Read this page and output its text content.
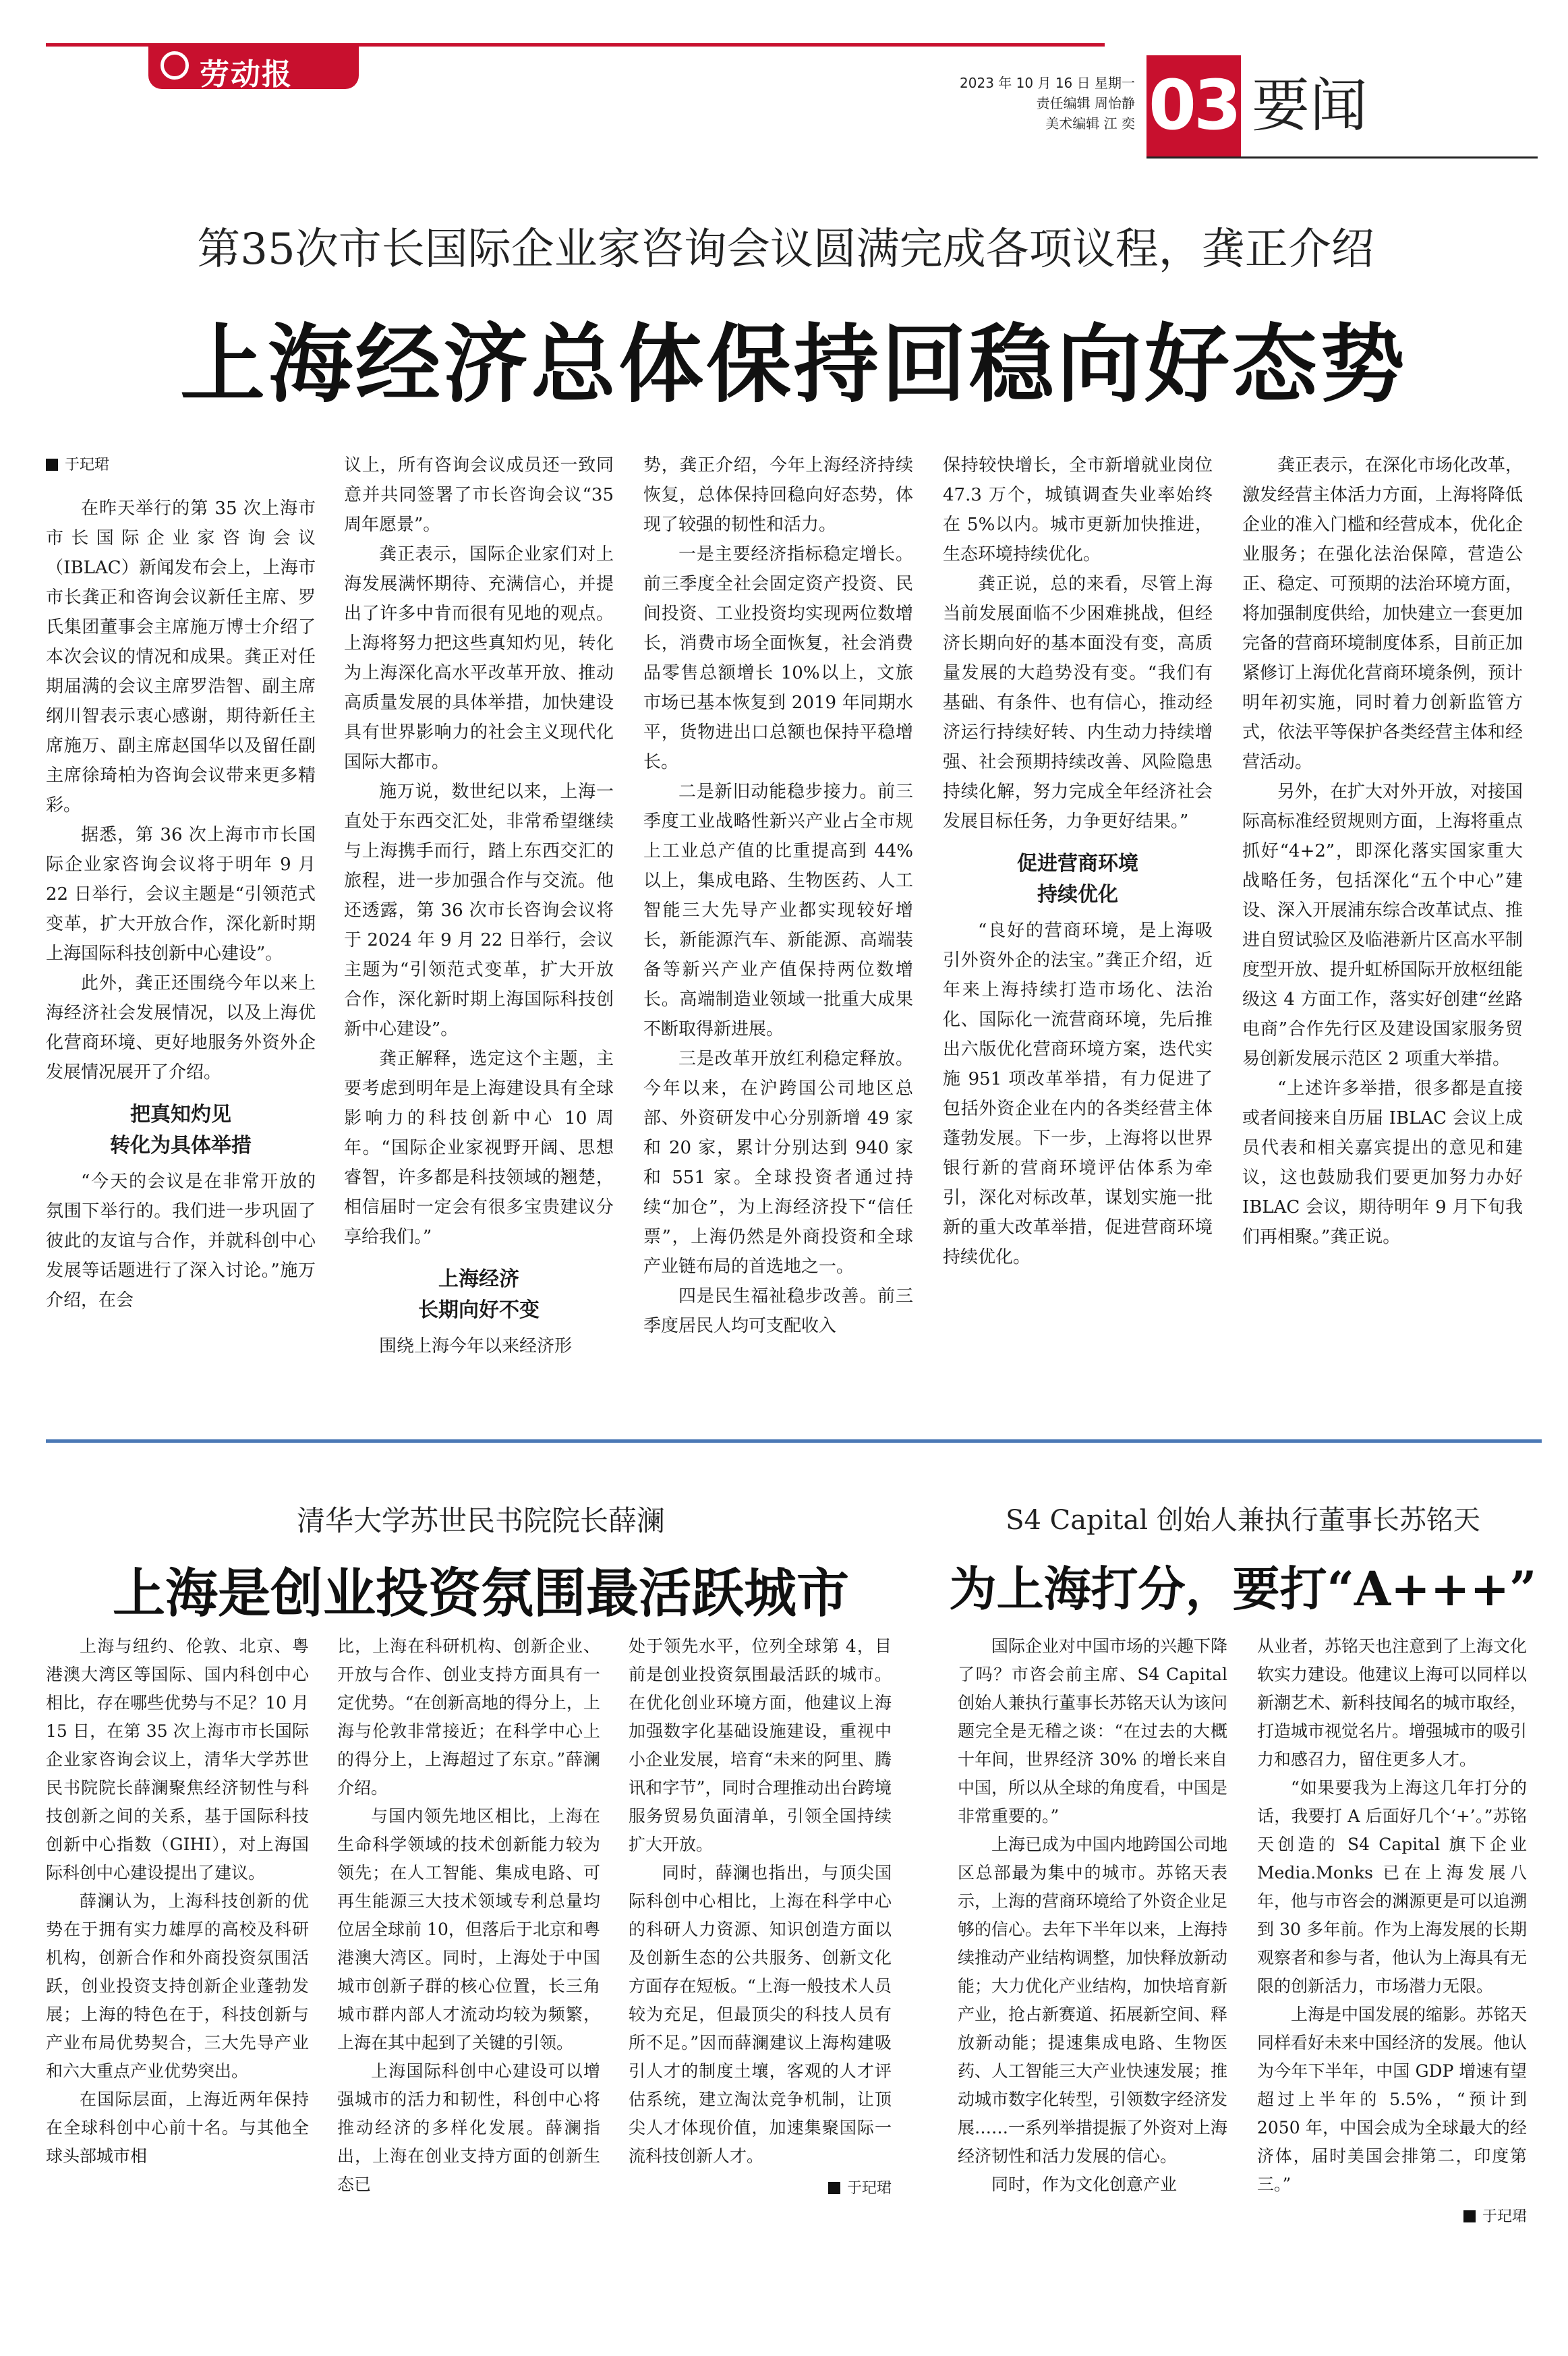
劳动报	2023 年 10 月 16 日 星期一
责任编辑 周怡静
美术编辑 江 奕 03 要闻
第35次市长国际企业家咨询会议圆满完成各项议程，龚正介绍
上海经济总体保持回稳向好态势

于玘珺

在昨天举行的第 35 次上海市市长国际企业家咨询会议（IBLAC）新闻发布会上，上海市市长龚正和咨询会议新任主席、罗氏集团董事会主席施万博士介绍了本次会议的情况和成果。龚正对任期届满的会议主席罗浩智、副主席纲川智表示衷心感谢，期待新任主席施万、副主席赵国华以及留任副主席徐琦柏为咨询会议带来更多精彩。

据悉，第 36 次上海市市长国际企业家咨询会议将于明年 9 月 22 日举行，会议主题是“引领范式变革，扩大开放合作，深化新时期上海国际科技创新中心建设”。

此外，龚正还围绕今年以来上海经济社会发展情况，以及上海优化营商环境、更好地服务外资外企发展情况展开了介绍。

把真知灼见
转化为具体举措

“今天的会议是在非常开放的氛围下举行的。我们进一步巩固了彼此的友谊与合作，并就科创中心发展等话题进行了深入讨论。”施万介绍，在会

议上，所有咨询会议成员还一致同意并共同签署了市长咨询会议“35 周年愿景”。

龚正表示，国际企业家们对上海发展满怀期待、充满信心，并提出了许多中肯而很有见地的观点。上海将努力把这些真知灼见，转化为上海深化高水平改革开放、推动高质量发展的具体举措，加快建设具有世界影响力的社会主义现代化国际大都市。

施万说，数世纪以来，上海一直处于东西交汇处，非常希望继续与上海携手而行，踏上东西交汇的旅程，进一步加强合作与交流。他还透露，第 36 次市长咨询会议将于 2024 年 9 月 22 日举行，会议主题为“引领范式变革，扩大开放合作，深化新时期上海国际科技创新中心建设”。

龚正解释，选定这个主题，主要考虑到明年是上海建设具有全球影响力的科技创新中心 10 周年。“国际企业家视野开阔、思想睿智，许多都是科技领域的翘楚，相信届时一定会有很多宝贵建议分享给我们。”

上海经济
长期向好不变

围绕上海今年以来经济形

势，龚正介绍，今年上海经济持续恢复，总体保持回稳向好态势，体现了较强的韧性和活力。

一是主要经济指标稳定增长。前三季度全社会固定资产投资、民间投资、工业投资均实现两位数增长，消费市场全面恢复，社会消费品零售总额增长 10%以上，文旅市场已基本恢复到 2019 年同期水平，货物进出口总额也保持平稳增长。

二是新旧动能稳步接力。前三季度工业战略性新兴产业占全市规上工业总产值的比重提高到 44%以上，集成电路、生物医药、人工智能三大先导产业都实现较好增长，新能源汽车、新能源、高端装备等新兴产业产值保持两位数增长。高端制造业领域一批重大成果不断取得新进展。

三是改革开放红利稳定释放。今年以来，在沪跨国公司地区总部、外资研发中心分别新增 49 家和 20 家，累计分别达到 940 家和 551 家。全球投资者通过持续“加仓”，为上海经济投下“信任票”，上海仍然是外商投资和全球产业链布局的首选地之一。

四是民生福祉稳步改善。前三季度居民人均可支配收入

保持较快增长，全市新增就业岗位 47.3 万个，城镇调查失业率始终在 5%以内。城市更新加快推进，生态环境持续优化。

龚正说，总的来看，尽管上海当前发展面临不少困难挑战，但经济长期向好的基本面没有变，高质量发展的大趋势没有变。“我们有基础、有条件、也有信心，推动经济运行持续好转、内生动力持续增强、社会预期持续改善、风险隐患持续化解，努力完成全年经济社会发展目标任务，力争更好结果。”

促进营商环境
持续优化

“良好的营商环境，是上海吸引外资外企的法宝。”龚正介绍，近年来上海持续打造市场化、法治化、国际化一流营商环境，先后推出六版优化营商环境方案，迭代实施 951 项改革举措，有力促进了包括外资企业在内的各类经营主体蓬勃发展。下一步，上海将以世界银行新的营商环境评估体系为牵引，深化对标改革，谋划实施一批新的重大改革举措，促进营商环境持续优化。

龚正表示，在深化市场化改革，激发经营主体活力方面，上海将降低企业的准入门槛和经营成本，优化企业服务；在强化法治保障，营造公正、稳定、可预期的法治环境方面，将加强制度供给，加快建立一套更加完备的营商环境制度体系，目前正加紧修订上海优化营商环境条例，预计明年初实施，同时着力创新监管方式，依法平等保护各类经营主体和经营活动。

另外，在扩大对外开放，对接国际高标准经贸规则方面，上海将重点抓好“4+2”，即深化落实国家重大战略任务，包括深化“五个中心”建设、深入开展浦东综合改革试点、推进自贸试验区及临港新片区高水平制度型开放、提升虹桥国际开放枢纽能级这 4 方面工作，落实好创建“丝路电商”合作先行区及建设国家服务贸易创新发展示范区 2 项重大举措。

“上述许多举措，很多都是直接或者间接来自历届 IBLAC 会议上成员代表和相关嘉宾提出的意见和建议，这也鼓励我们要更加努力办好 IBLAC 会议，期待明年 9 月下旬我们再相聚。”龚正说。

清华大学苏世民书院院长薛澜
上海是创业投资氛围最活跃城市

上海与纽约、伦敦、北京、粤港澳大湾区等国际、国内科创中心相比，存在哪些优势与不足？10 月 15 日，在第 35 次上海市市长国际企业家咨询会议上，清华大学苏世民书院院长薛澜聚焦经济韧性与科技创新之间的关系，基于国际科技创新中心指数（GIHI），对上海国际科创中心建设提出了建议。

薛澜认为，上海科技创新的优势在于拥有实力雄厚的高校及科研机构，创新合作和外商投资氛围活跃，创业投资支持创新企业蓬勃发展；上海的特色在于，科技创新与产业布局优势契合，三大先导产业和六大重点产业优势突出。

在国际层面，上海近两年保持在全球科创中心前十名。与其他全球头部城市相

比，上海在科研机构、创新企业、开放与合作、创业支持方面具有一定优势。“在创新高地的得分上，上海与伦敦非常接近；在科学中心上的得分上，上海超过了东京。”薛澜介绍。

与国内领先地区相比，上海在生命科学领域的技术创新能力较为领先；在人工智能、集成电路、可再生能源三大技术领域专利总量均位居全球前 10，但落后于北京和粤港澳大湾区。同时，上海处于中国城市创新子群的核心位置，长三角城市群内部人才流动均较为频繁，上海在其中起到了关键的引领。

上海国际科创中心建设可以增强城市的活力和韧性，科创中心将推动经济的多样化发展。薛澜指出，上海在创业支持方面的创新生态已

处于领先水平，位列全球第 4，目前是创业投资氛围最活跃的城市。在优化创业环境方面，他建议上海加强数字化基础设施建设，重视中小企业发展，培育“未来的阿里、腾讯和字节”，同时合理推动出台跨境服务贸易负面清单，引领全国持续扩大开放。

同时，薛澜也指出，与顶尖国际科创中心相比，上海在科学中心的科研人力资源、知识创造方面以及创新生态的公共服务、创新文化方面存在短板。“上海一般技术人员较为充足，但最顶尖的科技人员有所不足。”因而薛澜建议上海构建吸引人才的制度土壤，客观的人才评估系统，建立淘汰竞争机制，让顶尖人才体现价值，加速集聚国际一流科技创新人才。

于玘珺

S4 Capital 创始人兼执行董事长苏铭天
为上海打分，要打“A+++”

国际企业对中国市场的兴趣下降了吗？市咨会前主席、S4 Capital 创始人兼执行董事长苏铭天认为该问题完全是无稽之谈：“在过去的大概十年间，世界经济 30% 的增长来自中国，所以从全球的角度看，中国是非常重要的。”

上海已成为中国内地跨国公司地区总部最为集中的城市。苏铭天表示，上海的营商环境给了外资企业足够的信心。去年下半年以来，上海持续推动产业结构调整，加快释放新动能；大力优化产业结构，加快培育新产业，抢占新赛道、拓展新空间、释放新动能；提速集成电路、生物医药、人工智能三大产业快速发展；推动城市数字化转型，引领数字经济发展……一系列举措提振了外资对上海经济韧性和活力发展的信心。

同时，作为文化创意产业

从业者，苏铭天也注意到了上海文化软实力建设。他建议上海可以同样以新潮艺术、新科技闻名的城市取经，打造城市视觉名片。增强城市的吸引力和感召力，留住更多人才。

“如果要我为上海这几年打分的话，我要打 A 后面好几个‘+’。”苏铭天创造的 S4 Capital 旗下企业 Media.Monks 已在上海发展八年，他与市咨会的渊源更是可以追溯到 30 多年前。作为上海发展的长期观察者和参与者，他认为上海具有无限的创新活力，市场潜力无限。

上海是中国发展的缩影。苏铭天同样看好未来中国经济的发展。他认为今年下半年，中国 GDP 增速有望超过上半年的 5.5%，“预计到 2050 年，中国会成为全球最大的经济体，届时美国会排第二，印度第三。”

于玘珺
